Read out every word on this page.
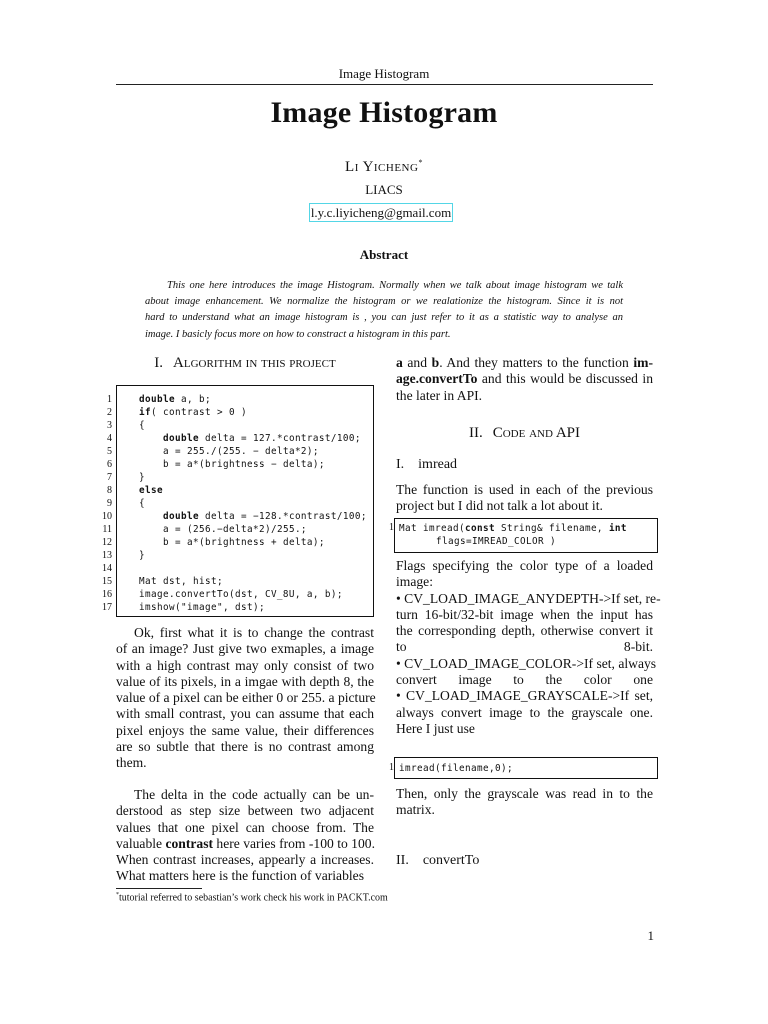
Image Histogram
Image Histogram
Li Yicheng*
LIACS
l.y.c.liyicheng@gmail.com
Abstract
This one here introduces the image Histogram. Normally when we talk about image histogram we talk
about image enhancement. We normalize the histogram or we realationize the histogram. Since it is not
hard to understand what an image histogram is , you can just refer to it as a statistic way to analyse an
image. I basicly focus more on how to constract a histogram in this part.
I. Algorithm in this project
1
2
3
4
5
6
7
8
9
10
11
12
13
14
15
16
17
double a, b;
if( contrast > 0 )
{
double delta = 127.*contrast/100;
a = 255./(255. − delta*2);
b = a*(brightness − delta);
}
else
{
double delta = −128.*contrast/100;
a = (256.−delta*2)/255.;
b = a*(brightness + delta);
}
Mat dst, hist;
image.convertTo(dst, CV_8U, a, b);
imshow("image", dst);
Ok, first what it is to change the contrast
of an image? Just give two exmaples, a image
with a high contrast may only consist of two
value of its pixels, in a imgae with depth 8, the
value of a pixel can be either 0 or 255. a picture
with small contrast, you can assume that each
pixel enjoys the same value, their differences
are so subtle that there is no contrast among
them.
The delta in the code actually can be un-
derstood as step size between two adjacent
values that one pixel can choose from. The
valuable contrast here varies from -100 to 100.
When contrast increases, appearly a increases.
What matters here is the function of variables
a and b. And they matters to the function im-
age.convertTo and this would be discussed in
the later in API.
II. Code and API
I. imread
The function is used in each of the previous
project but I did not talk a lot about it.
1 Mat imread(const String& filename, int
flags=IMREAD_COLOR )
Flags specifying the color type of a loaded
image:
• CV_LOAD_IMAGE_ANYDEPTH->If set, re-
turn 16-bit/32-bit image when the input has
the corresponding depth, otherwise convert it
to 8-bit.
• CV_LOAD_IMAGE_COLOR->If set, always
convert image to the color one
• CV_LOAD_IMAGE_GRAYSCALE->If set,
always convert image to the grayscale one.
Here I just use
1 imread(filename,0);
Then, only the grayscale was read in to the
matrix.
II. convertTo
*tutorial referred to sebastian’s work check his work in PACKT.com
1
